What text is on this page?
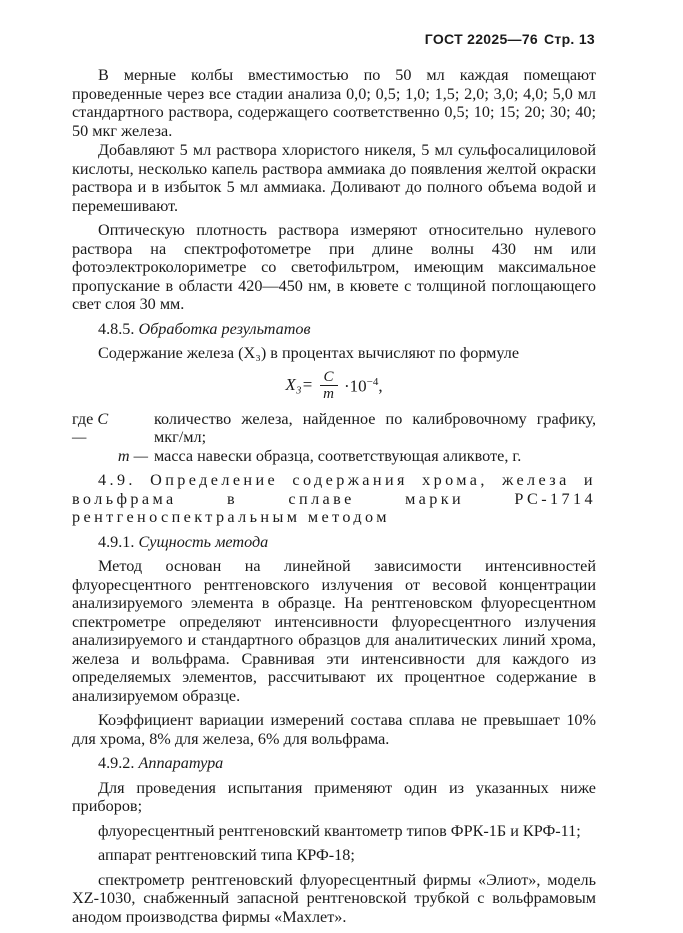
ГОСТ 22025—76 Стр. 13

В мерные колбы вместимостью по 50 мл каждая помещают проведенные через все стадии анализа 0,0; 0,5; 1,0; 1,5; 2,0; 3,0; 4,0; 5,0 мл стандартного раствора, содержащего соответственно 0,5; 10; 15; 20; 30; 40; 50 мкг железа.

Добавляют 5 мл раствора хлористого никеля, 5 мл сульфосалициловой кислоты, несколько капель раствора аммиака до появления желтой окраски раствора и в избыток 5 мл аммиака. Доливают до полного объема водой и перемешивают.

Оптическую плотность раствора измеряют относительно нулевого раствора на спектрофотометре при длине волны 430 нм или фотоэлектроколориметре со светофильтром, имеющим максимальное пропускание в области 420—450 нм, в кювете с толщиной поглощающего свет слоя 30 мм.

4.8.5. Обработка результатов

Содержание железа (X₃) в процентах вычисляют по формуле

$X_3= \frac{C}{m} \cdot 10^{-4}$,
где C —
количество железа, найденное по калибровочному графику, мкг/мл;
m — масса навески образца, соответствующая аликвоте, г.

4.9. Определение содержания хрома, железа и вольфрама в сплаве марки РС-1714 рентгеноспектральным методом

4.9.1. Сущность метода

Метод основан на линейной зависимости интенсивностей флуоресцентного рентгеновского излучения от весовой концентрации анализируемого элемента в образце. На рентгеновском флуоресцентном спектрометре определяют интенсивности флуоресцентного излучения анализируемого и стандартного образцов для аналитических линий хрома, железа и вольфрама. Сравнивая эти интенсивности для каждого из определяемых элементов, рассчитывают их процентное содержание в анализируемом образце.

Коэффициент вариации измерений состава сплава не превышает 10% для хрома, 8% для железа, 6% для вольфрама.

4.9.2. Аппаратура

Для проведения испытания применяют один из указанных ниже приборов;

флуоресцентный рентгеновский квантометр типов ФРК-1Б и КРФ-11;

аппарат рентгеновский типа КРФ-18;

спектрометр рентгеновский флуоресцентный фирмы «Элиот», модель XZ-1030, снабженный запасной рентгеновской трубкой с вольфрамовым анодом производства фирмы «Махлет».
